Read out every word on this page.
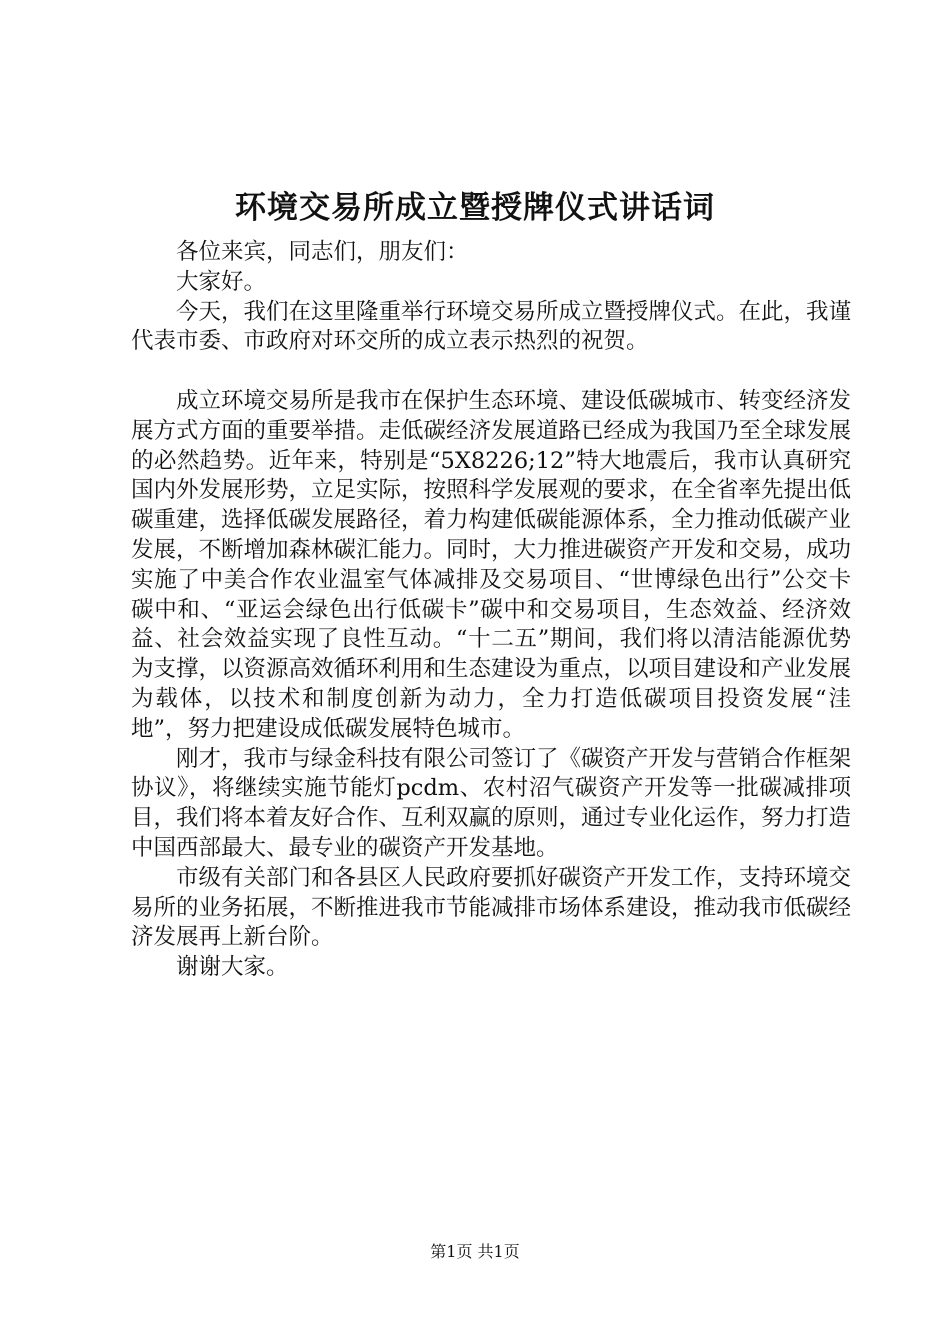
环境交易所成立暨授牌仪式讲话词

各位来宾，同志们，朋友们：

大家好。

今天，我们在这里隆重举行环境交易所成立暨授牌仪式。在此，我谨代表市委、市政府对环交所的成立表示热烈的祝贺。

成立环境交易所是我市在保护生态环境、建设低碳城市、转变经济发展方式方面的重要举措。走低碳经济发展道路已经成为我国乃至全球发展的必然趋势。近年来，特别是“5X8226;12”特大地震后，我市认真研究国内外发展形势，立足实际，按照科学发展观的要求，在全省率先提出低碳重建，选择低碳发展路径，着力构建低碳能源体系，全力推动低碳产业发展，不断增加森林碳汇能力。同时，大力推进碳资产开发和交易，成功实施了中美合作农业温室气体减排及交易项目、“世博绿色出行”公交卡碳中和、“亚运会绿色出行低碳卡”碳中和交易项目，生态效益、经济效益、社会效益实现了良性互动。“十二五”期间，我们将以清洁能源优势为支撑，以资源高效循环利用和生态建设为重点，以项目建设和产业发展为载体，以技术和制度创新为动力，全力打造低碳项目投资发展“洼地”，努力把建设成低碳发展特色城市。

刚才，我市与绿金科技有限公司签订了《碳资产开发与营销合作框架协议》，将继续实施节能灯pcdm、农村沼气碳资产开发等一批碳减排项目，我们将本着友好合作、互利双赢的原则，通过专业化运作，努力打造中国西部最大、最专业的碳资产开发基地。

市级有关部门和各县区人民政府要抓好碳资产开发工作，支持环境交易所的业务拓展，不断推进我市节能减排市场体系建设，推动我市低碳经济发展再上新台阶。

谢谢大家。

第1页 共1页
